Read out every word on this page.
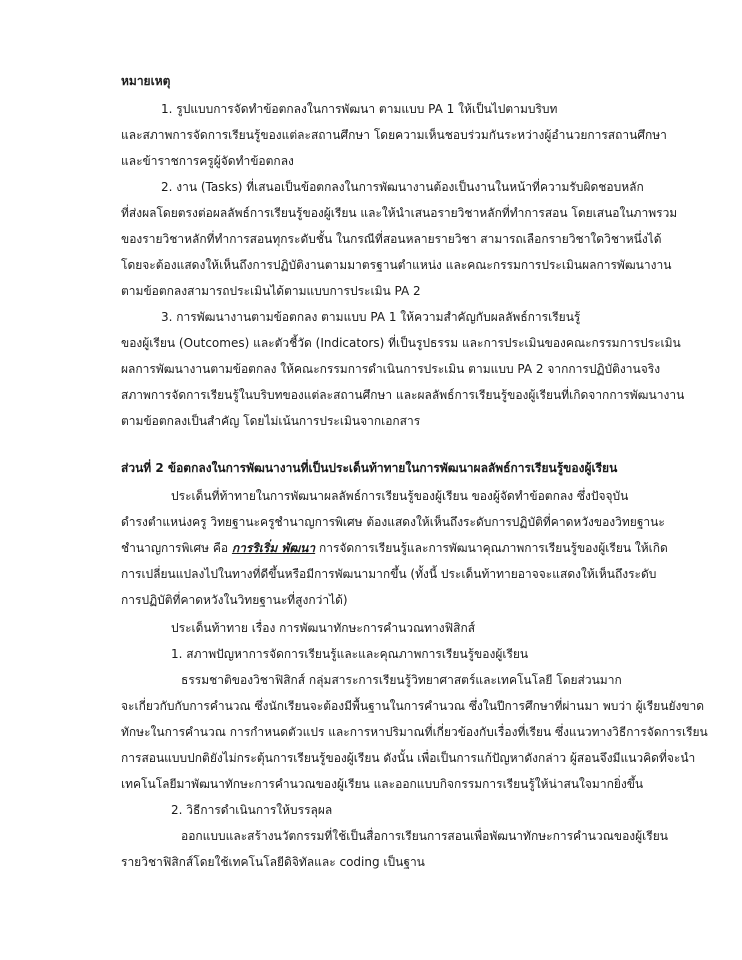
หมายเหตุ
1. รูปแบบการจัดทำข้อตกลงในการพัฒนา ตามแบบ PA 1 ให้เป็นไปตามบริบท
และสภาพการจัดการเรียนรู้ของแต่ละสถานศึกษา โดยความเห็นชอบร่วมกันระหว่างผู้อำนวยการสถานศึกษา
และข้าราชการครูผู้จัดทำข้อตกลง
2. งาน (Tasks) ที่เสนอเป็นข้อตกลงในการพัฒนางานต้องเป็นงานในหน้าที่ความรับผิดชอบหลัก
ที่ส่งผลโดยตรงต่อผลลัพธ์การเรียนรู้ของผู้เรียน และให้นำเสนอรายวิชาหลักที่ทำการสอน โดยเสนอในภาพรวม
ของรายวิชาหลักที่ทำการสอนทุกระดับชั้น ในกรณีที่สอนหลายรายวิชา สามารถเลือกรายวิชาใดวิชาหนึ่งได้
โดยจะต้องแสดงให้เห็นถึงการปฏิบัติงานตามมาตรฐานตำแหน่ง และคณะกรรมการประเมินผลการพัฒนางาน
ตามข้อตกลงสามารถประเมินได้ตามแบบการประเมิน PA 2
3. การพัฒนางานตามข้อตกลง ตามแบบ PA 1 ให้ความสำคัญกับผลลัพธ์การเรียนรู้
ของผู้เรียน (Outcomes) และตัวชี้วัด (Indicators) ที่เป็นรูปธรรม และการประเมินของคณะกรรมการประเมิน
ผลการพัฒนางานตามข้อตกลง ให้คณะกรรมการดำเนินการประเมิน ตามแบบ PA 2 จากการปฏิบัติงานจริง
สภาพการจัดการเรียนรู้ในบริบทของแต่ละสถานศึกษา และผลลัพธ์การเรียนรู้ของผู้เรียนที่เกิดจากการพัฒนางาน
ตามข้อตกลงเป็นสำคัญ โดยไม่เน้นการประเมินจากเอกสาร
ส่วนที่ 2 ข้อตกลงในการพัฒนางานที่เป็นประเด็นท้าทายในการพัฒนาผลลัพธ์การเรียนรู้ของผู้เรียน
ประเด็นที่ท้าทายในการพัฒนาผลลัพธ์การเรียนรู้ของผู้เรียน ของผู้จัดทำข้อตกลง ซึ่งปัจจุบัน
ดำรงตำแหน่งครู วิทยฐานะครูชำนาญการพิเศษ ต้องแสดงให้เห็นถึงระดับการปฏิบัติที่คาดหวังของวิทยฐานะ
ชำนาญการพิเศษ คือ การริเริ่ม พัฒนา การจัดการเรียนรู้และการพัฒนาคุณภาพการเรียนรู้ของผู้เรียน ให้เกิด
การเปลี่ยนแปลงไปในทางที่ดีขึ้นหรือมีการพัฒนามากขึ้น (ทั้งนี้ ประเด็นท้าทายอาจจะแสดงให้เห็นถึงระดับ
การปฏิบัติที่คาดหวังในวิทยฐานะที่สูงกว่าได้)
ประเด็นท้าทาย เรื่อง การพัฒนาทักษะการคำนวณทางฟิสิกส์
1. สภาพปัญหาการจัดการเรียนรู้และและคุณภาพการเรียนรู้ของผู้เรียน
ธรรมชาติของวิชาฟิสิกส์ กลุ่มสาระการเรียนรู้วิทยาศาสตร์และเทคโนโลยี โดยส่วนมาก
จะเกี่ยวกับกับการคำนวณ ซึ่งนักเรียนจะต้องมีพื้นฐานในการคำนวณ ซึ่งในปีการศึกษาที่ผ่านมา พบว่า ผู้เรียนยังขาด
ทักษะในการคำนวณ การกำหนดตัวแปร และการหาปริมาณที่เกี่ยวข้องกับเรื่องที่เรียน ซึ่งแนวทางวิธีการจัดการเรียน
การสอนแบบปกติยังไม่กระตุ้นการเรียนรู้ของผู้เรียน ดังนั้น เพื่อเป็นการแก้ปัญหาดังกล่าว ผู้สอนจึงมีแนวคิดที่จะนำ
เทคโนโลยีมาพัฒนาทักษะการคำนวณของผู้เรียน และออกแบบกิจกรรมการเรียนรู้ให้น่าสนใจมากยิ่งขึ้น
2. วิธีการดำเนินการให้บรรลุผล
ออกแบบและสร้างนวัตกรรมที่ใช้เป็นสื่อการเรียนการสอนเพื่อพัฒนาทักษะการคำนวณของผู้เรียน
รายวิชาฟิสิกส์โดยใช้เทคโนโลยีดิจิทัลและ coding เป็นฐาน
